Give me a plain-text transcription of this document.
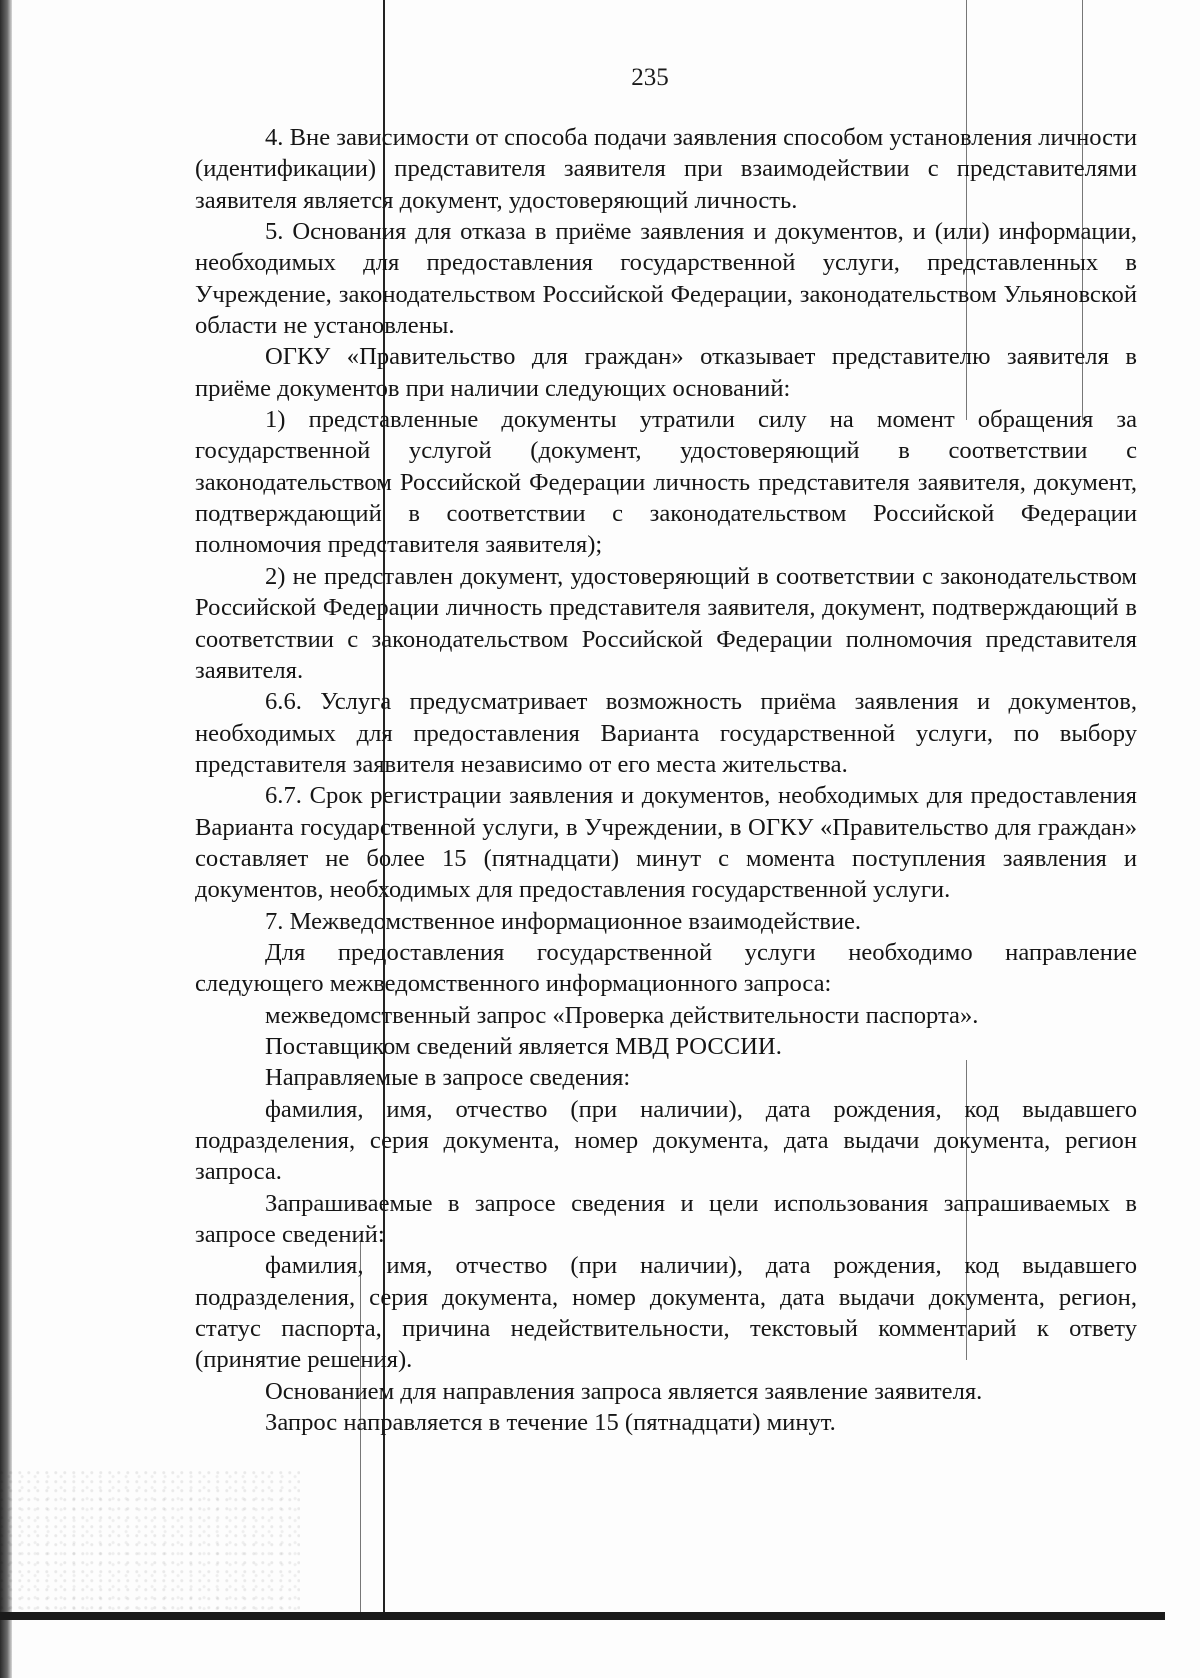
235

4. Вне зависимости от способа подачи заявления способом установления личности (идентификации) представителя заявителя при взаимодействии с представителями заявителя является документ, удостоверяющий личность.

5. Основания для отказа в приёме заявления и документов, и (или) информации, необходимых для предоставления государственной услуги, представленных в Учреждение, законодательством Российской Федерации, законодательством Ульяновской области не установлены.

ОГКУ «Правительство для граждан» отказывает представителю заявителя в приёме документов при наличии следующих оснований:

1) представленные документы утратили силу на момент обращения за государственной услугой (документ, удостоверяющий в соответствии с законодательством Российской Федерации личность представителя заявителя, документ, подтверждающий в соответствии с законодательством Российской Федерации полномочия представителя заявителя);

2) не представлен документ, удостоверяющий в соответствии с законодательством Российской Федерации личность представителя заявителя, документ, подтверждающий в соответствии с законодательством Российской Федерации полномочия представителя заявителя.

6.6. Услуга предусматривает возможность приёма заявления и документов, необходимых для предоставления Варианта государственной услуги, по выбору представителя заявителя независимо от его места жительства.

6.7. Срок регистрации заявления и документов, необходимых для предоставления Варианта государственной услуги, в Учреждении, в ОГКУ «Правительство для граждан» составляет не более 15 (пятнадцати) минут с момента поступления заявления и документов, необходимых для предоставления государственной услуги.

7. Межведомственное информационное взаимодействие.

Для предоставления государственной услуги необходимо направление следующего межведомственного информационного запроса:

межведомственный запрос «Проверка действительности паспорта».

Поставщиком сведений является МВД РОССИИ.

Направляемые в запросе сведения:

фамилия, имя, отчество (при наличии), дата рождения, код выдавшего подразделения, серия документа, номер документа, дата выдачи документа, регион запроса.

Запрашиваемые в запросе сведения и цели использования запрашиваемых в запросе сведений:

фамилия, имя, отчество (при наличии), дата рождения, код выдавшего подразделения, серия документа, номер документа, дата выдачи документа, регион, статус паспорта, причина недействительности, текстовый комментарий к ответу (принятие решения).

Основанием для направления запроса является заявление заявителя.

Запрос направляется в течение 15 (пятнадцати) минут.
